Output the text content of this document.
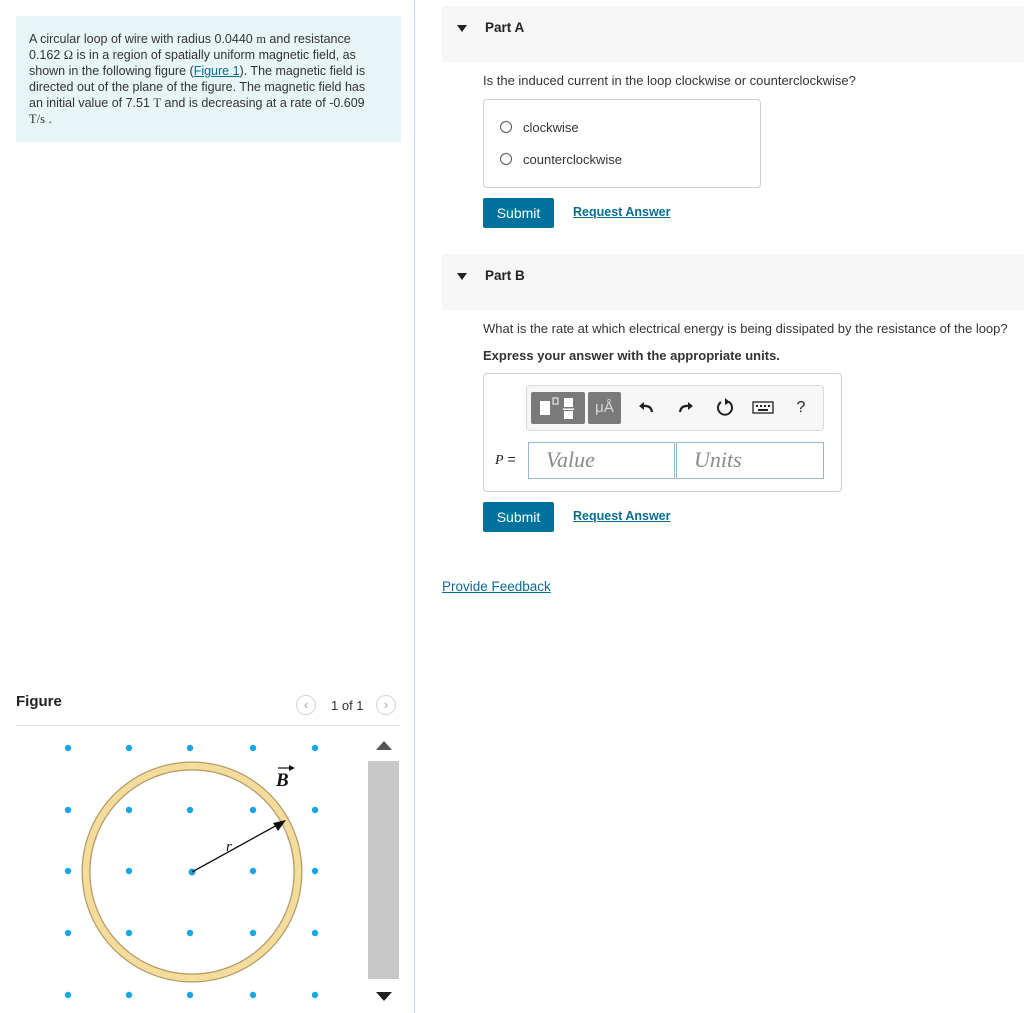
A circular loop of wire with radius 0.0440 m and resistance
0.162 Ω is in a region of spatially uniform magnetic field, as
shown in the following figure (Figure 1). The magnetic field is
directed out of the plane of the figure. The magnetic field has
an initial value of 7.51 T and is decreasing at a rate of -0.609
T/s .
Figure	‹	1 of 1	›
r
B
Part A
Is the induced current in the loop clockwise or counterclockwise?
clockwise
counterclockwise
Submit	Request Answer
Part B
What is the rate at which electrical energy is being dissipated by the resistance of the loop?
Express your answer with the appropriate units.
μÅ	?
P =	Value	Units
Submit	Request Answer
Provide Feedback
